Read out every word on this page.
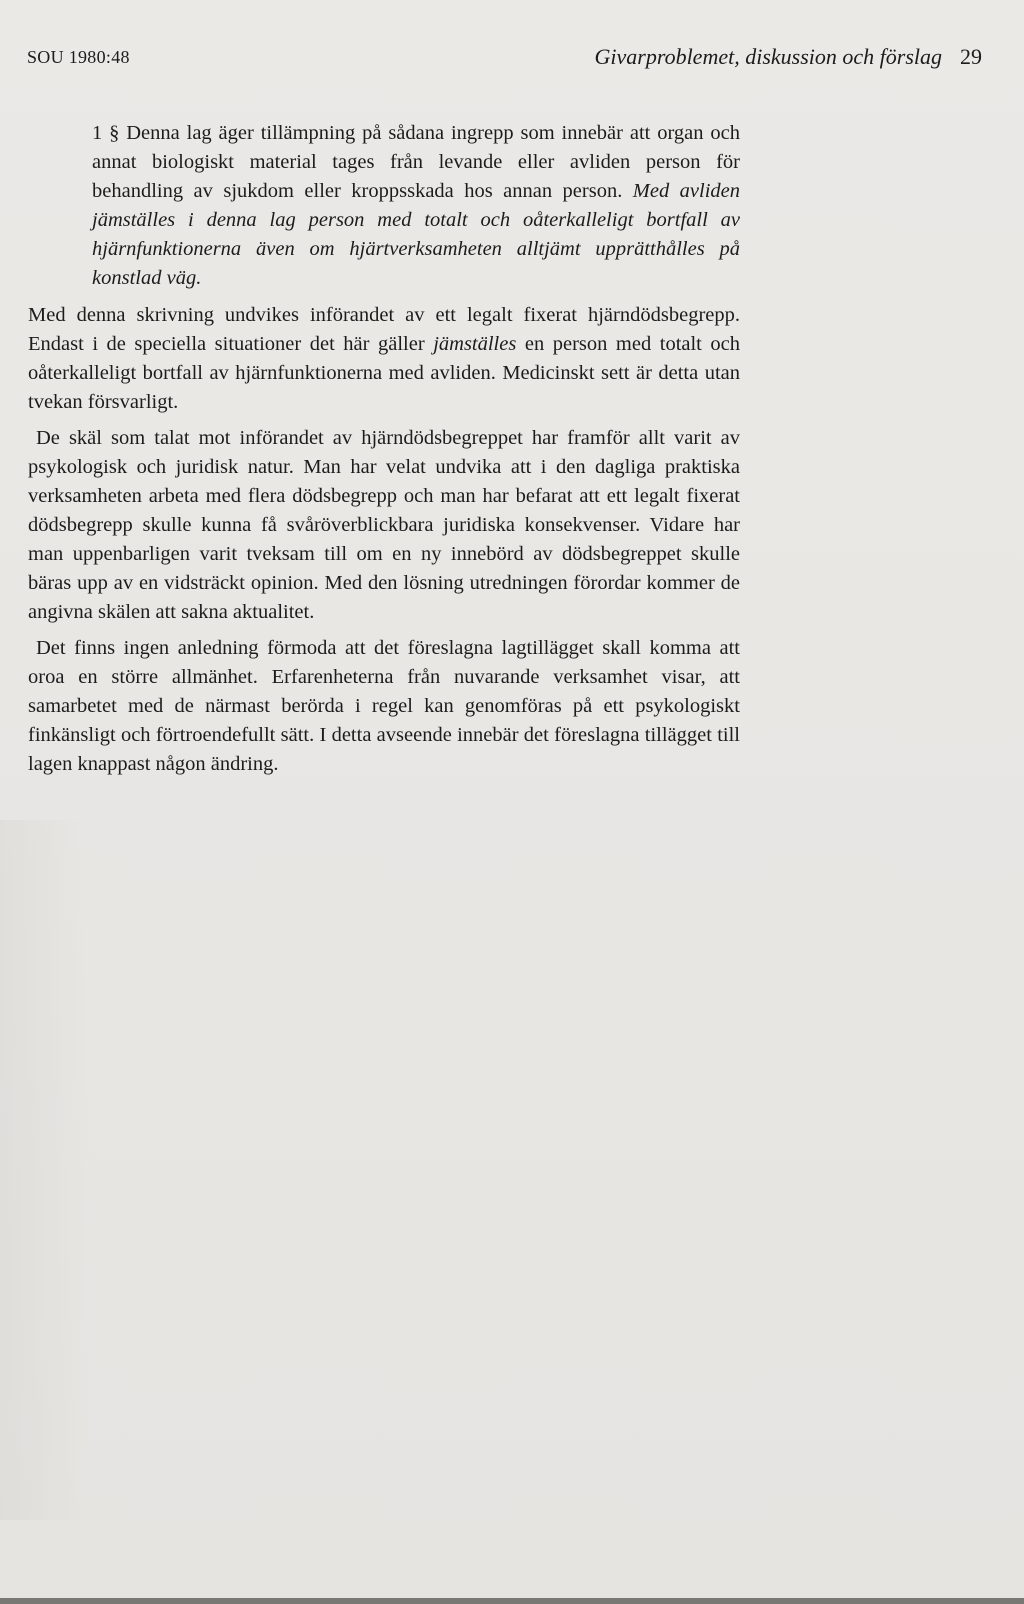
SOU 1980:48	Givarproblemet, diskussion och förslag 29
1 § Denna lag äger tillämpning på sådana ingrepp som innebär att organ och annat biologiskt material tages från levande eller avliden person för behandling av sjukdom eller kroppsskada hos annan person. Med avliden jämställes i denna lag person med totalt och oåterkalleligt bortfall av hjärnfunktionerna även om hjärtverksamheten alltjämt upprätthålles på konstlad väg.

Med denna skrivning undvikes införandet av ett legalt fixerat hjärndödsbegrepp. Endast i de speciella situationer det här gäller jämställes en person med totalt och oåterkalleligt bortfall av hjärnfunktionerna med avliden. Medicinskt sett är detta utan tvekan försvarligt.

De skäl som talat mot införandet av hjärndödsbegreppet har framför allt varit av psykologisk och juridisk natur. Man har velat undvika att i den dagliga praktiska verksamheten arbeta med flera dödsbegrepp och man har befarat att ett legalt fixerat dödsbegrepp skulle kunna få svåröverblickbara juridiska konsekvenser. Vidare har man uppenbarligen varit tveksam till om en ny innebörd av dödsbegreppet skulle bäras upp av en vidsträckt opinion. Med den lösning utredningen förordar kommer de angivna skälen att sakna aktualitet.

Det finns ingen anledning förmoda att det föreslagna lagtillägget skall komma att oroa en större allmänhet. Erfarenheterna från nuvarande verksamhet visar, att samarbetet med de närmast berörda i regel kan genomföras på ett psykologiskt finkänsligt och förtroendefullt sätt. I detta avseende innebär det föreslagna tillägget till lagen knappast någon ändring.
